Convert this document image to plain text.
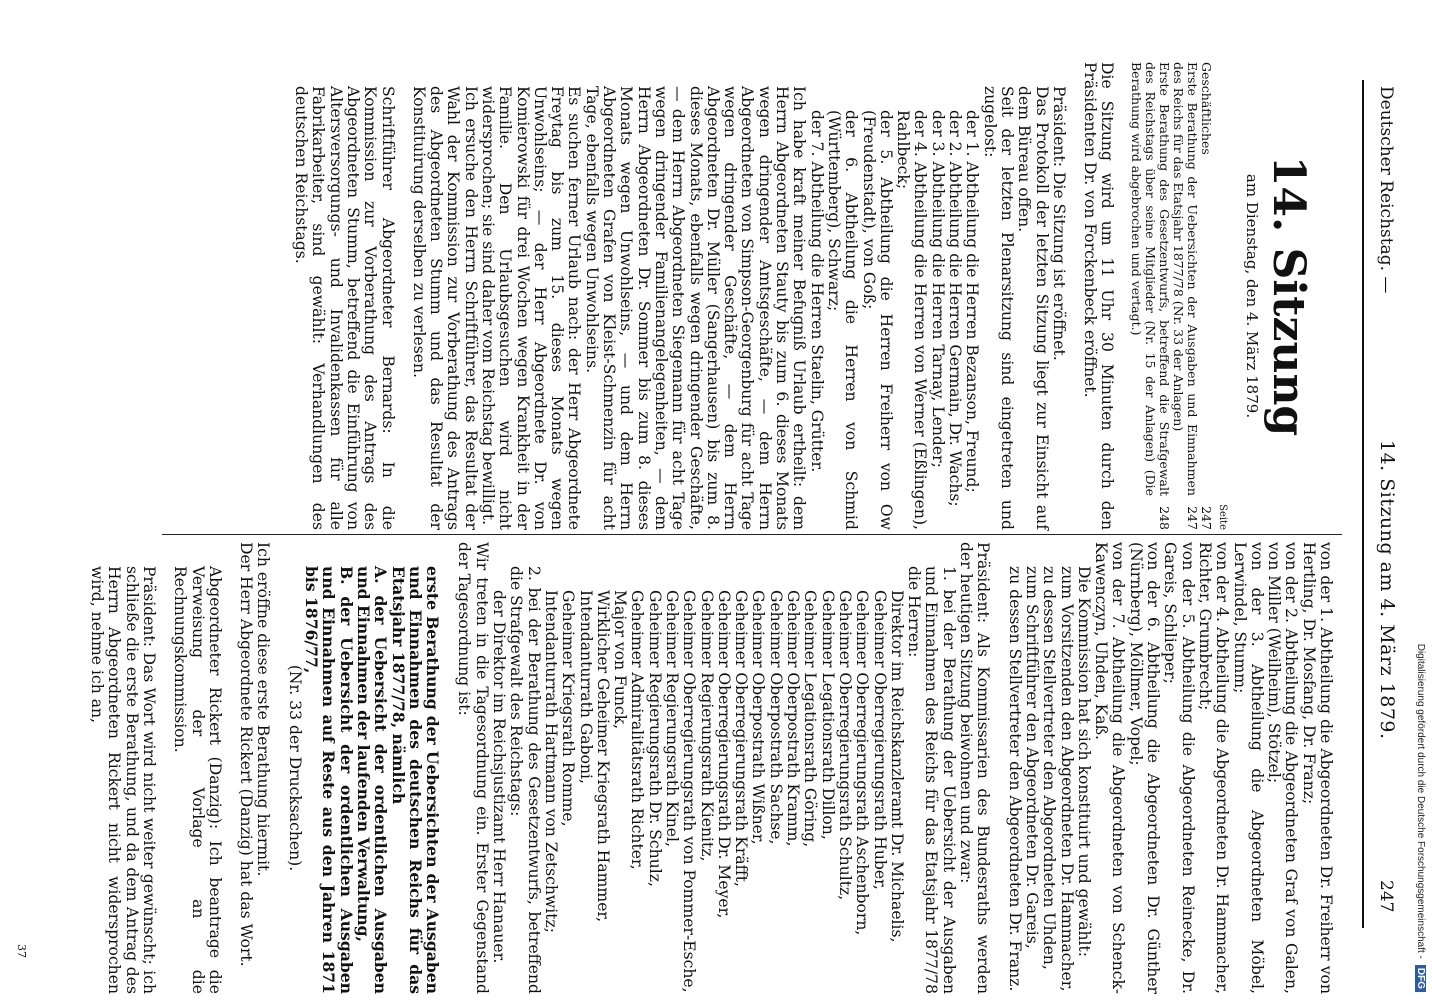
Digitalisierung gefördert durch die Deutsche Forschungsgemeinschaft -DFG
Deutscher Reichstag. —
14. Sitzung am 4. März 1879.
247

14. Sitzung

am Dienstag, den 4. März 1879.

Seite
Geschäftliches
247
Erste Berathung der Uebersichten der Ausgaben und Einnahmen des Reichs für das Etatsjahr 1877/78 (Nr. 33 der Anlagen)
247
Erste Berathung des Gesetzentwurfs, betreffend die Strafgewalt des Reichstags über seine Mitglieder (Nr. 15 der Anlagen) (Die Berathung wird abgebrochen und vertagt.)
248

Die Sitzung wird um 11 Uhr 30 Minuten durch den Präsidenten Dr. von Forckenbeck eröffnet.

Präsident: Die Sitzung ist eröffnet.

Das Protokoll der letzten Sitzung liegt zur Einsicht auf dem Büreau offen.

Seit der letzten Plenarsitzung sind eingetreten und zugelost:

der 1. Abtheilung die Herren Bezanson, Freund;

der 2. Abtheilung die Herren Germain, Dr. Wachs;

der 3. Abtheilung die Herren Tarnay, Lender;

der 4. Abtheilung die Herren von Werner (Eßlingen), Rahlbeck;

der 5. Abtheilung die Herren Freiherr von Ow (Freudenstadt), von Goß;

der 6. Abtheilung die Herren von Schmid (Württemberg), Schwarz;

der 7. Abtheilung die Herren Staelin, Grütter.

Ich habe kraft meiner Befugniß Urlaub ertheilt: dem Herrn Abgeordneten Stauty bis zum 6. dieses Monats wegen dringender Amtsgeschäfte, — dem Herrn Abgeordneten von Simpson-Georgenburg für acht Tage wegen dringender Geschäfte, — dem Herrn Abgeordneten Dr. Müller (Sangerhausen) bis zum 8. dieses Monats, ebenfalls wegen dringender Geschäfte, — dem Herrn Abgeordneten Siegemann für acht Tage wegen dringender Familienangelegenheiten, — dem Herrn Abgeordneten Dr. Sommer bis zum 8. dieses Monats wegen Unwohlseins, — und dem Herrn Abgeordneten Grafen von Kleist-Schmenzin für acht Tage, ebenfalls wegen Unwohlseins.

Es suchen ferner Urlaub nach: der Herr Abgeordnete Freytag bis zum 15. dieses Monats wegen Unwohlseins; — der Herr Abgeordnete Dr. von Komierowski für drei Wochen wegen Krankheit in der Familie. Den Urlaubsgesuchen wird nicht widersprochen; sie sind daher vom Reichstag bewilligt.

Ich ersuche den Herrn Schriftführer, das Resultat der Wahl der Kommission zur Vorberathung des Antrags des Abgeordneten Stumm und das Resultat der Konstituirung derselben zu verlesen.

Schriftführer Abgeordneter Bernards: In die Kommission zur Vorberathung des Antrags des Abgeordneten Stumm, betreffend die Einführung von Altersversorgungs- und Invalidenkassen für alle Fabrikarbeiter, sind gewählt: Verhandlungen des deutschen Reichstags.

von der 1. Abtheilung die Abgeordneten Dr. Freiherr von Hertling, Dr. Mosfang, Dr. Franz;

von der 2. Abtheilung die Abgeordneten Graf von Galen, von Miller (Weilheim), Stötzel;

von der 3. Abtheilung die Abgeordneten Möbel, Lerwindel, Stumm;

von der 4. Abtheilung die Abgeordneten Dr. Hammacher, Richter, Grumbrecht;

von der 5. Abtheilung die Abgeordneten Reinecke, Dr. Gareis, Schlieper;

von der 6. Abtheilung die Abgeordneten Dr. Günther (Nürnberg), Möllmer, Vopel;

von der 7. Abtheilung die Abgeordneten von Schenck-Kawenczyn, Uhden, Kaß.

Die Kommission hat sich konstituirt und gewählt:

zum Vorsitzenden den Abgeordneten Dr. Hammacher,

zu dessen Stellvertreter den Abgeordneten Uhden,

zum Schriftführer den Abgeordneten Dr. Gareis,

zu dessen Stellvertreter den Abgeordneten Dr. Franz.

Präsident: Als Kommissarien des Bundesraths werden der heutigen Sitzung beiwohnen und zwar:

1. bei der Berathung der Uebersicht der Ausgaben und Einnahmen des Reichs für das Etatsjahr 1877/78 die Herren:

Direktor im Reichskanzleramt Dr. Michaelis,

Geheimer Oberregierungsrath Huber,

Geheimer Oberregierungsrath Aschenborn,

Geheimer Oberregierungsrath Schultz,

Geheimer Legationsrath Dillon,

Geheimer Legationsrath Göring,

Geheimer Oberpostrath Kramm,

Geheimer Oberpostrath Sachse,

Geheimer Oberpostrath Wißner,

Geheimer Oberregierungsrath Kräfft,

Geheimer Oberregierungsrath Dr. Meyer,

Geheimer Regierungsrath Kienitz,

Geheimer Oberregierungsrath von Pommer-Esche,

Geheimer Regierungsrath Kinel,

Geheimer Regierungsrath Dr. Schulz,

Geheimer Admiralitätsrath Richter,

Major von Funck,

Wirklicher Geheimer Kriegsrath Hammer,

Intendanturrath Gaboni,

Geheimer Kriegsrath Romme,

Intendanturrath Hartmann von Zetschwitz;

2. bei der Berathung des Gesetzentwurfs, betreffend die Strafgewalt des Reichstags:

der Direktor im Reichsjustizamt Herr Hanauer.

Wir treten in die Tagesordnung ein. Erster Gegenstand der Tagesordnung ist:

erste Berathung der Uebersichten der Ausgaben und Einnahmen des deutschen Reichs für das Etatsjahr 1877/78, nämlich

A. der Uebersicht der ordentlichen Ausgaben und Einnahmen der laufenden Verwaltung,

B. der Uebersicht der ordentlichen Ausgaben und Einnahmen auf Reste aus den Jahren 1871 bis 1876/77,

(Nr. 33 der Drucksachen).

Ich eröffne diese erste Berathung hiermit.

Der Herr Abgeordnete Rickert (Danzig) hat das Wort.

Abgeordneter Rickert (Danzig): Ich beantrage die Verweisung der Vorlage an die Rechnungskommission.

Präsident: Das Wort wird nicht weiter gewünscht; ich schließe die erste Berathung, und da dem Antrag des Herrn Abgeordneten Rickert nicht widersprochen wird, nehme ich an,

37
